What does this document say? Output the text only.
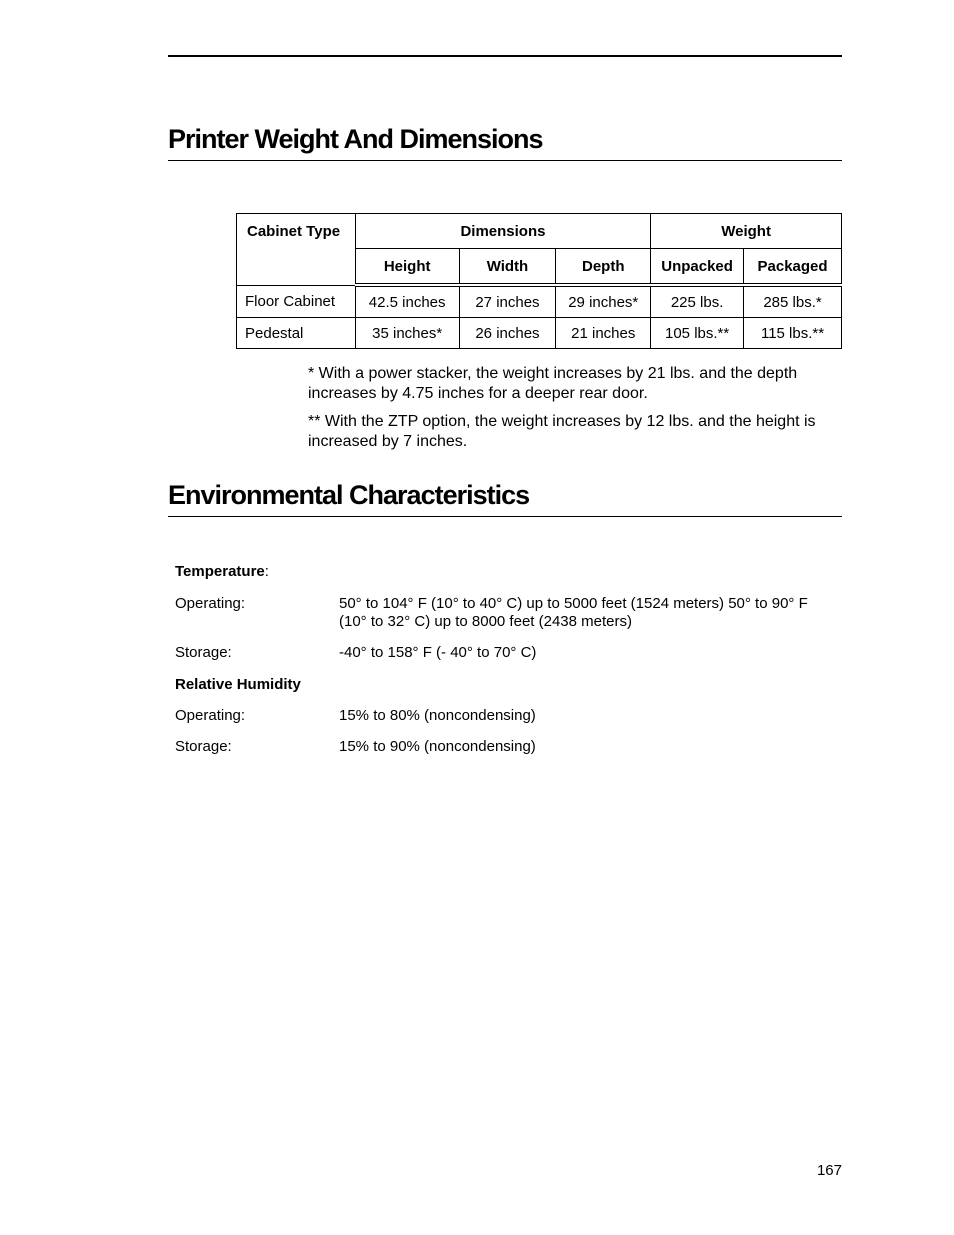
Printer Weight And Dimensions
Cabinet Type	Dimensions			Weight	
	Height	Width	Depth	Unpacked	Packaged
Floor Cabinet	42.5 inches	27 inches	29 inches*	225 lbs.	285 lbs.*
Pedestal	35 inches*	26 inches	21 inches	105 lbs.**	115 lbs.**

* With a power stacker, the weight increases by 21 lbs. and the depth increases by 4.75 inches for a deeper rear door.

** With the ZTP option, the weight increases by 12 lbs. and the height is increased by 7 inches.

Environmental Characteristics
Temperature:
Operating:	50° to 104° F (10° to 40° C) up to 5000 feet (1524 meters) 50° to 90° F (10° to 32° C) up to 8000 feet (2438 meters)
Storage:	-40° to 158° F (- 40° to 70° C)
Relative Humidity
Operating:	15% to 80% (noncondensing)
Storage:	15% to 90% (noncondensing)
167
